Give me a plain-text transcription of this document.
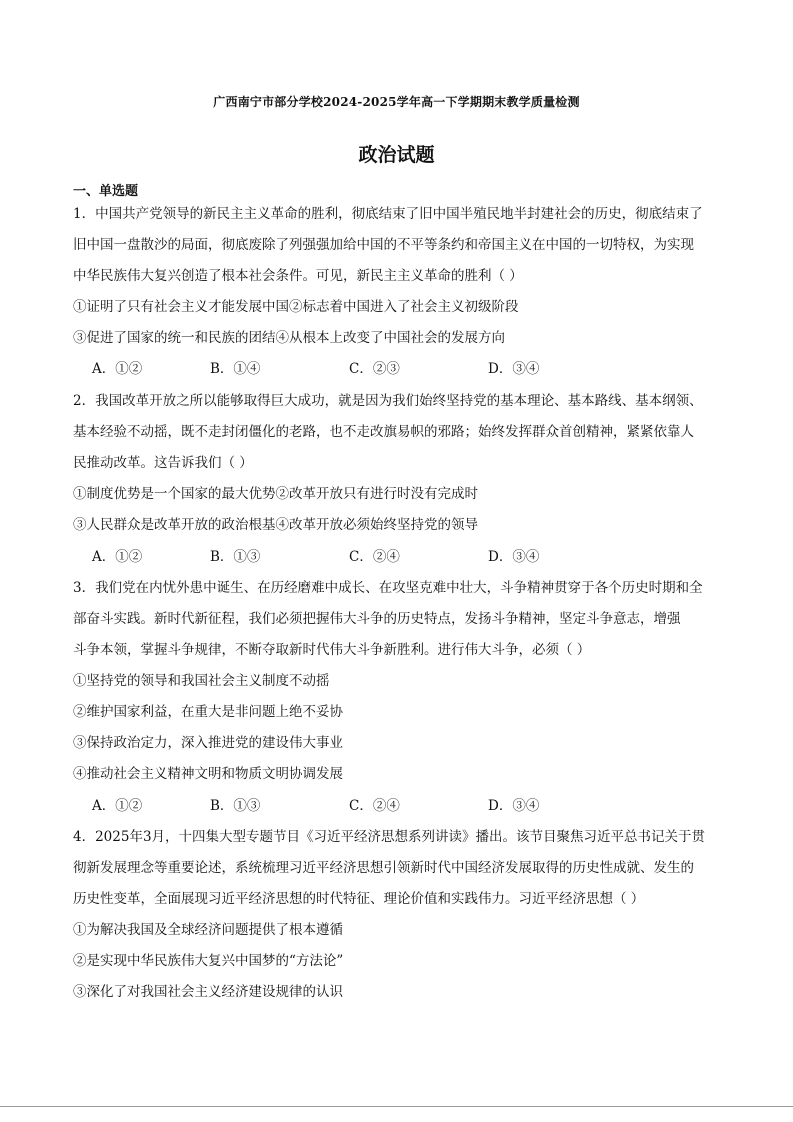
广西南宁市部分学校2024-2025学年高一下学期期末教学质量检测
政治试题
一、单选题
1．中国共产党领导的新民主主义革命的胜利，彻底结束了旧中国半殖民地半封建社会的历史，彻底结束了
旧中国一盘散沙的局面，彻底废除了列强强加给中国的不平等条约和帝国主义在中国的一切特权，为实现
中华民族伟大复兴创造了根本社会条件。可见，新民主主义革命的胜利（ ）
①证明了只有社会主义才能发展中国②标志着中国进入了社会主义初级阶段
③促进了国家的统一和民族的团结④从根本上改变了中国社会的发展方向
A．①②	B．①④	C．②③	D．③④
2．我国改革开放之所以能够取得巨大成功，就是因为我们始终坚持党的基本理论、基本路线、基本纲领、
基本经验不动摇，既不走封闭僵化的老路，也不走改旗易帜的邪路；始终发挥群众首创精神，紧紧依靠人
民推动改革。这告诉我们（ ）
①制度优势是一个国家的最大优势②改革开放只有进行时没有完成时
③人民群众是改革开放的政治根基④改革开放必须始终坚持党的领导
A．①②	B．①③	C．②④	D．③④
3．我们党在内忧外患中诞生、在历经磨难中成长、在攻坚克难中壮大，斗争精神贯穿于各个历史时期和全
部奋斗实践。新时代新征程，我们必须把握伟大斗争的历史特点，发扬斗争精神，坚定斗争意志，增强
斗争本领，掌握斗争规律，不断夺取新时代伟大斗争新胜利。进行伟大斗争，必须（ ）
①坚持党的领导和我国社会主义制度不动摇
②维护国家利益，在重大是非问题上绝不妥协
③保持政治定力，深入推进党的建设伟大事业
④推动社会主义精神文明和物质文明协调发展
A．①②	B．①③	C．②④	D．③④
4．2025年3月，十四集大型专题节目《习近平经济思想系列讲读》播出。该节目聚焦习近平总书记关于贯
彻新发展理念等重要论述，系统梳理习近平经济思想引领新时代中国经济发展取得的历史性成就、发生的
历史性变革，全面展现习近平经济思想的时代特征、理论价值和实践伟力。习近平经济思想（ ）
①为解决我国及全球经济问题提供了根本遵循
②是实现中华民族伟大复兴中国梦的“方法论”
③深化了对我国社会主义经济建设规律的认识
